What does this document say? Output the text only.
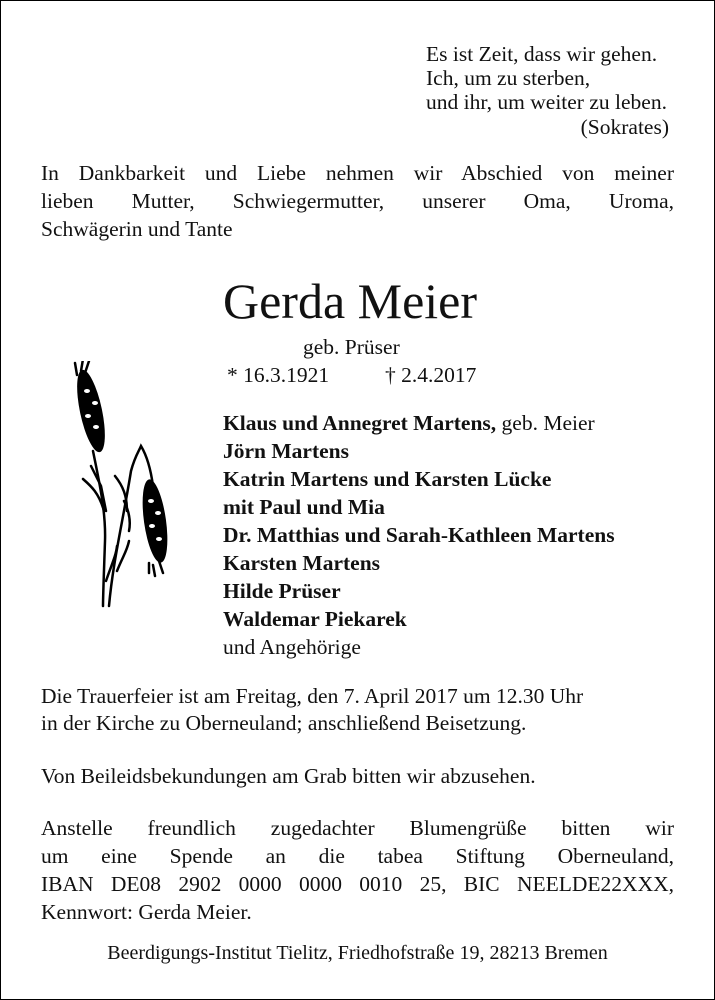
Es ist Zeit, dass wir gehen.
Ich, um zu sterben,
und ihr, um weiter zu leben.
(Sokrates)
In Dankbarkeit und Liebe nehmen wir Abschied von meiner
lieben Mutter, Schwiegermutter, unserer Oma, Uroma,
Schwägerin und Tante
Gerda Meier
geb. Prüser
* 16.3.1921	† 2.4.2017
Klaus und Annegret Martens, geb. Meier
Jörn Martens
Katrin Martens und Karsten Lücke
mit Paul und Mia
Dr. Matthias und Sarah-Kathleen Martens
Karsten Martens
Hilde Prüser
Waldemar Piekarek
und Angehörige
Die Trauerfeier ist am Freitag, den 7. April 2017 um 12.30 Uhr
in der Kirche zu Oberneuland; anschließend Beisetzung.
Von Beileidsbekundungen am Grab bitten wir abzusehen.
Anstelle freundlich zugedachter Blumengrüße bitten wir
um eine Spende an die tabea Stiftung Oberneuland,
IBAN DE08 2902 0000 0000 0010 25, BIC NEELDE22XXX,
Kennwort: Gerda Meier.
Beerdigungs-Institut Tielitz, Friedhofstraße 19, 28213 Bremen
